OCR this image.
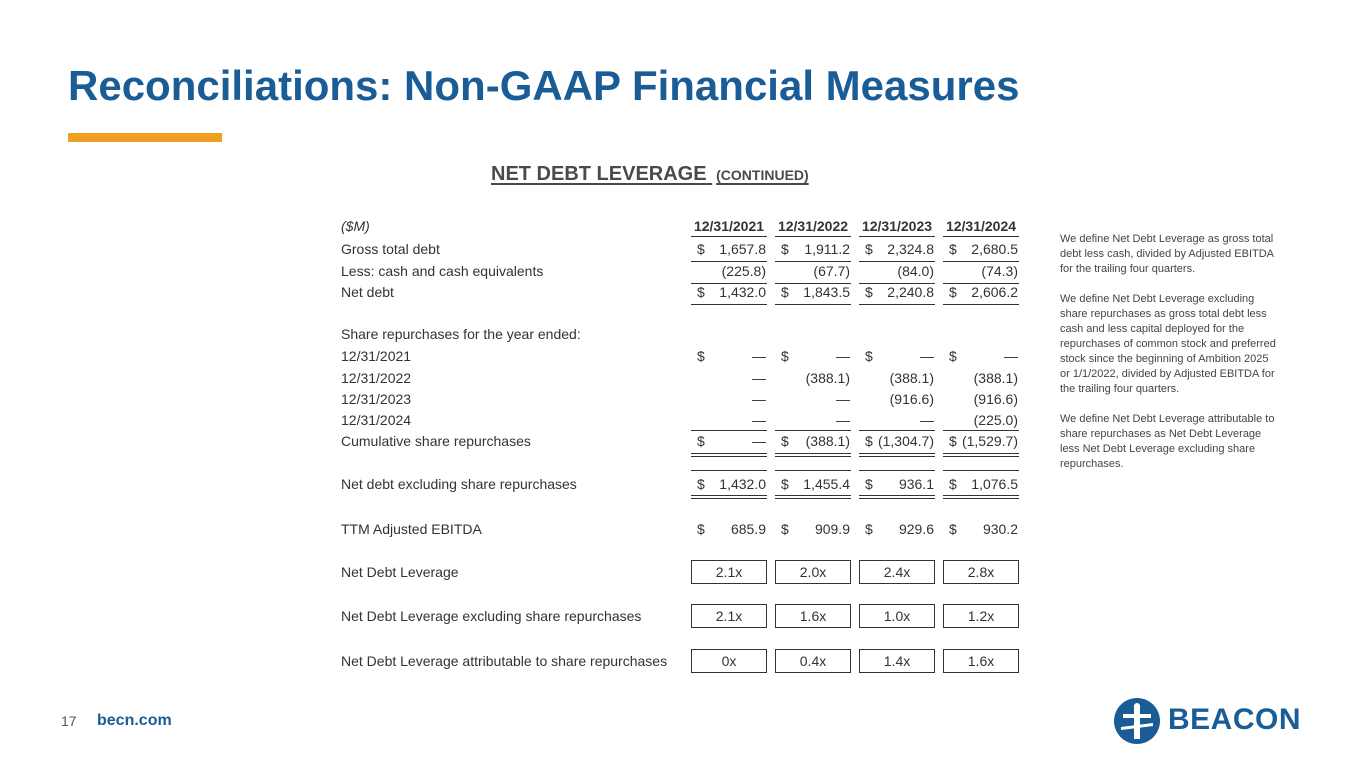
Reconciliations: Non-GAAP Financial Measures
NET DEBT LEVERAGE (CONTINUED)
($M)	12/31/2021 12/31/2022 12/31/2023 12/31/2024
Gross total debt	$ 1,657.8 $ 1,911.2 $ 2,324.8 $ 2,680.5
Less: cash and cash equivalents	(225.8)	(67.7)	(84.0)	(74.3)
Net debt	$ 1,432.0 $ 1,843.5 $ 2,240.8 $ 2,606.2
Share repurchases for the year ended:
12/31/2021	$	— $	— $	— $	—
12/31/2022	—	(388.1)	(388.1)	(388.1)
12/31/2023	—	—	(916.6)	(916.6)
12/31/2024	—	—	—	(225.0)
Cumulative share repurchases	$	— $ (388.1) $ (1,304.7) $ (1,529.7)
Net debt excluding share repurchases	$ 1,432.0 $ 1,455.4 $ 936.1 $ 1,076.5
TTM Adjusted EBITDA	$ 685.9 $ 909.9 $ 929.6 $ 930.2
Net Debt Leverage	2.1x	2.0x	2.4x	2.8x
Net Debt Leverage excluding share repurchases	2.1x	1.6x	1.0x	1.2x
Net Debt Leverage attributable to share repurchases	0x	0.4x	1.4x	1.6x

We define Net Debt Leverage as gross total debt less cash, divided by Adjusted EBITDA for the trailing four quarters.

We define Net Debt Leverage excluding share repurchases as gross total debt less cash and less capital deployed for the repurchases of common stock and preferred stock since the beginning of Ambition 2025 or 1/1/2022, divided by Adjusted EBITDA for the trailing four quarters.

We define Net Debt Leverage attributable to share repurchases as Net Debt Leverage less Net Debt Leverage excluding share repurchases.

17 becn.com	BEACON
